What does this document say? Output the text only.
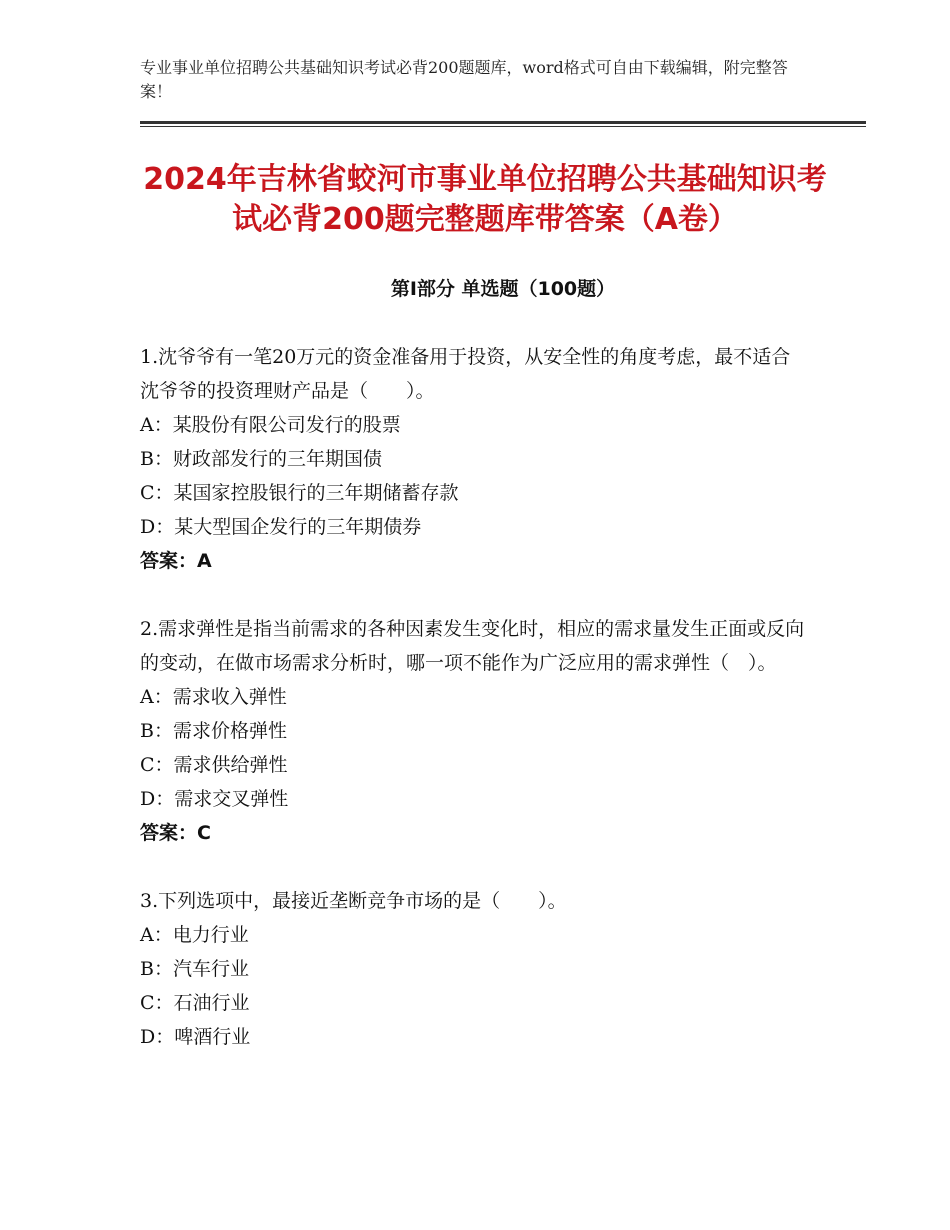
专业事业单位招聘公共基础知识考试必背200题题库，word格式可自由下载编辑，附完整答案！
2024年吉林省蛟河市事业单位招聘公共基础知识考试必背200题完整题库带答案（A卷）
第Ⅰ部分 单选题（100题）

1.沈爷爷有一笔20万元的资金准备用于投资，从安全性的角度考虑，最不适合沈爷爷的投资理财产品是（　　）。

A：某股份有限公司发行的股票

B：财政部发行的三年期国债

C：某国家控股银行的三年期储蓄存款

D：某大型国企发行的三年期债券

答案：A

2.需求弹性是指当前需求的各种因素发生变化时，相应的需求量发生正面或反向的变动，在做市场需求分析时，哪一项不能作为广泛应用的需求弹性（　）。

A：需求收入弹性

B：需求价格弹性

C：需求供给弹性

D：需求交叉弹性

答案：C

3.下列选项中，最接近垄断竞争市场的是（　　）。

A：电力行业

B：汽车行业

C：石油行业

D：啤酒行业
